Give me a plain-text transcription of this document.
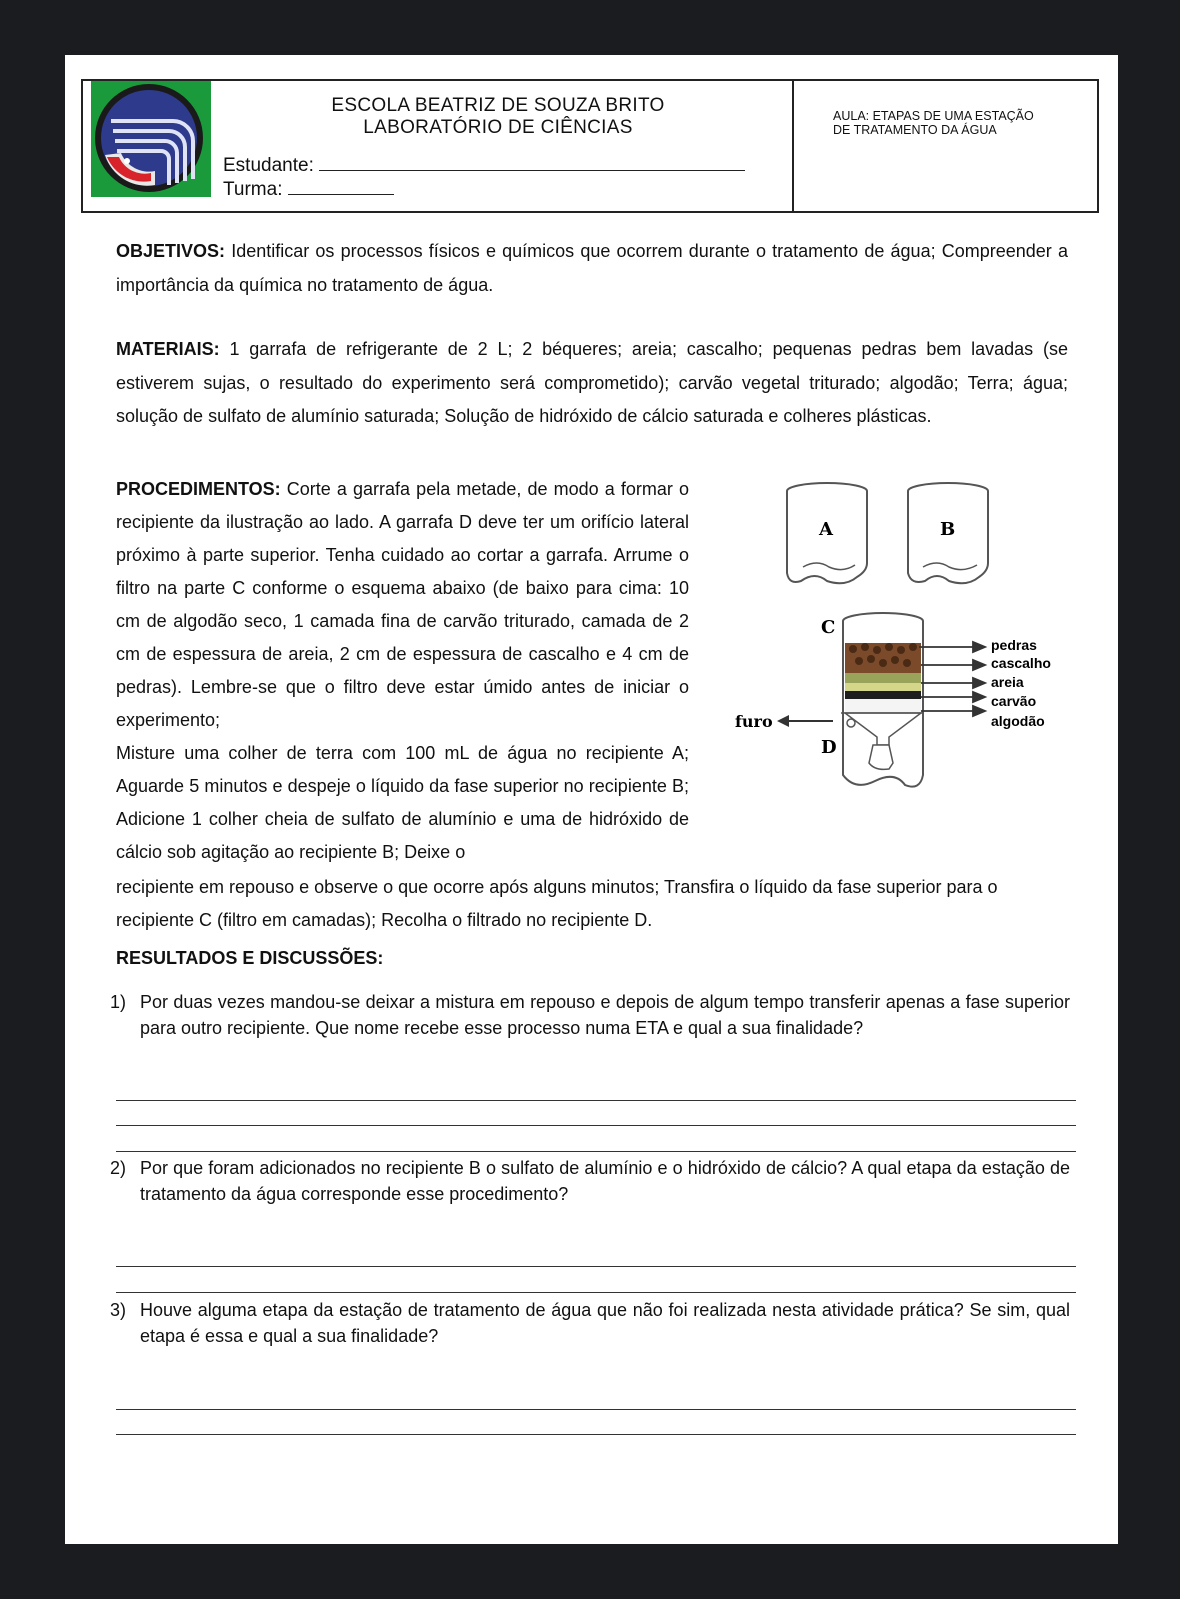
ESCOLA BEATRIZ DE SOUZA BRITO
LABORATÓRIO DE CIÊNCIAS
Estudante:
Turma:
AULA: ETAPAS DE UMA ESTAÇÃO
DE TRATAMENTO DA ÁGUA
OBJETIVOS: Identificar os processos físicos e químicos que ocorrem durante o tratamento de água; Compreender a importância da química no tratamento de água.
MATERIAIS: 1 garrafa de refrigerante de 2 L; 2 béqueres; areia; cascalho; pequenas pedras bem lavadas (se estiverem sujas, o resultado do experimento será comprometido); carvão vegetal triturado; algodão; Terra; água; solução de sulfato de alumínio saturada; Solução de hidróxido de cálcio saturada e colheres plásticas.
PROCEDIMENTOS: Corte a garrafa pela metade, de modo a formar o recipiente da ilustração ao lado. A garrafa D deve ter um orifício lateral próximo à parte superior. Tenha cuidado ao cortar a garrafa. Arrume o filtro na parte C conforme o esquema abaixo (de baixo para cima: 10 cm de algodão seco, 1 camada fina de carvão triturado, camada de 2 cm de espessura de areia, 2 cm de espessura de cascalho e 4 cm de pedras). Lembre-se que o filtro deve estar úmido antes de iniciar o experimento;
Misture uma colher de terra com 100 mL de água no recipiente A; Aguarde 5 minutos e despeje o líquido da fase superior no recipiente B; Adicione 1 colher cheia de sulfato de alumínio e uma de hidróxido de cálcio sob agitação ao recipiente B; Deixe o
recipiente em repouso e observe o que ocorre após alguns minutos; Transfira o líquido da fase superior para o recipiente C (filtro em camadas); Recolha o filtrado no recipiente D.
A	B
C
D
furo
pedras
cascalho
areia
carvão
algodão
RESULTADOS E DISCUSSÕES:
1) Por duas vezes mandou-se deixar a mistura em repouso e depois de algum tempo transferir apenas a fase superior para outro recipiente. Que nome recebe esse processo numa ETA e qual a sua finalidade?
2) Por que foram adicionados no recipiente B o sulfato de alumínio e o hidróxido de cálcio? A qual etapa da estação de tratamento da água corresponde esse procedimento?
3) Houve alguma etapa da estação de tratamento de água que não foi realizada nesta atividade prática? Se sim, qual etapa é essa e qual a sua finalidade?
